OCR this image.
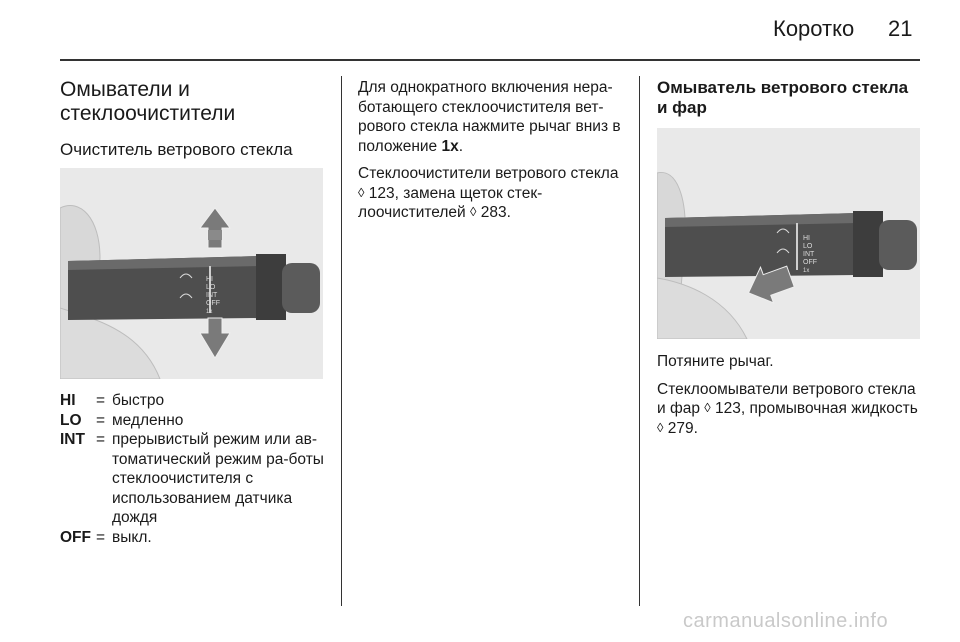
Коротко 21
Омыватели и
стеклоочистители
Очиститель ветрового стекла
HI
LO
INT
OFF
1x
HI	= быстро
LO = медленно
INT = прерывистый режим или ав-томатический режим ра-боты стеклоочистителя с использованием датчика дождя
OFF = выкл.

Для однократного включения нера-ботающего стеклоочистителя вет-рового стекла нажмите рычаг вниз в положение 1x.

Стеклоочистители ветрового стекла ◊ 123, замена щеток стек-лоочистителей ◊ 283.

Омыватель ветрового стекла и фар
HI
LO
INT
OFF
1x

Потяните рычаг.

Стеклоомыватели ветрового стекла и фар ◊ 123, промывочная жидкость ◊ 279.

carmanualsonline.info
